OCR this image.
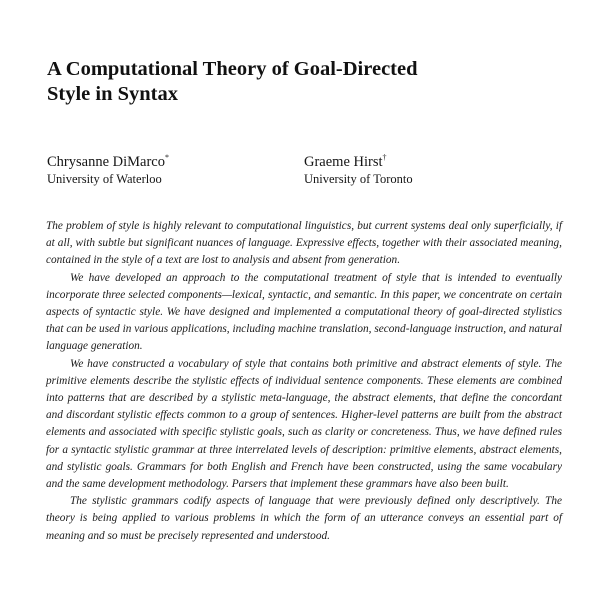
A Computational Theory of Goal-Directed
Style in Syntax
Chrysanne DiMarco*
University of Waterloo
Graeme Hirst†
University of Toronto

The problem of style is highly relevant to computational linguistics, but current systems deal only superficially, if at all, with subtle but significant nuances of language. Expressive effects, together with their associated meaning, contained in the style of a text are lost to analysis and absent from generation.

We have developed an approach to the computational treatment of style that is intended to eventually incorporate three selected components—lexical, syntactic, and semantic. In this paper, we concentrate on certain aspects of syntactic style. We have designed and implemented a computational theory of goal-directed stylistics that can be used in various applications, including machine translation, second-language instruction, and natural language generation.

We have constructed a vocabulary of style that contains both primitive and abstract elements of style. The primitive elements describe the stylistic effects of individual sentence components. These elements are combined into patterns that are described by a stylistic meta-language, the abstract elements, that define the concordant and discordant stylistic effects common to a group of sentences. Higher-level patterns are built from the abstract elements and associated with specific stylistic goals, such as clarity or concreteness. Thus, we have defined rules for a syntactic stylistic grammar at three interrelated levels of description: primitive elements, abstract elements, and stylistic goals. Grammars for both English and French have been constructed, using the same vocabulary and the same development methodology. Parsers that implement these grammars have also been built.

The stylistic grammars codify aspects of language that were previously defined only descriptively. The theory is being applied to various problems in which the form of an utterance conveys an essential part of meaning and so must be precisely represented and understood.
